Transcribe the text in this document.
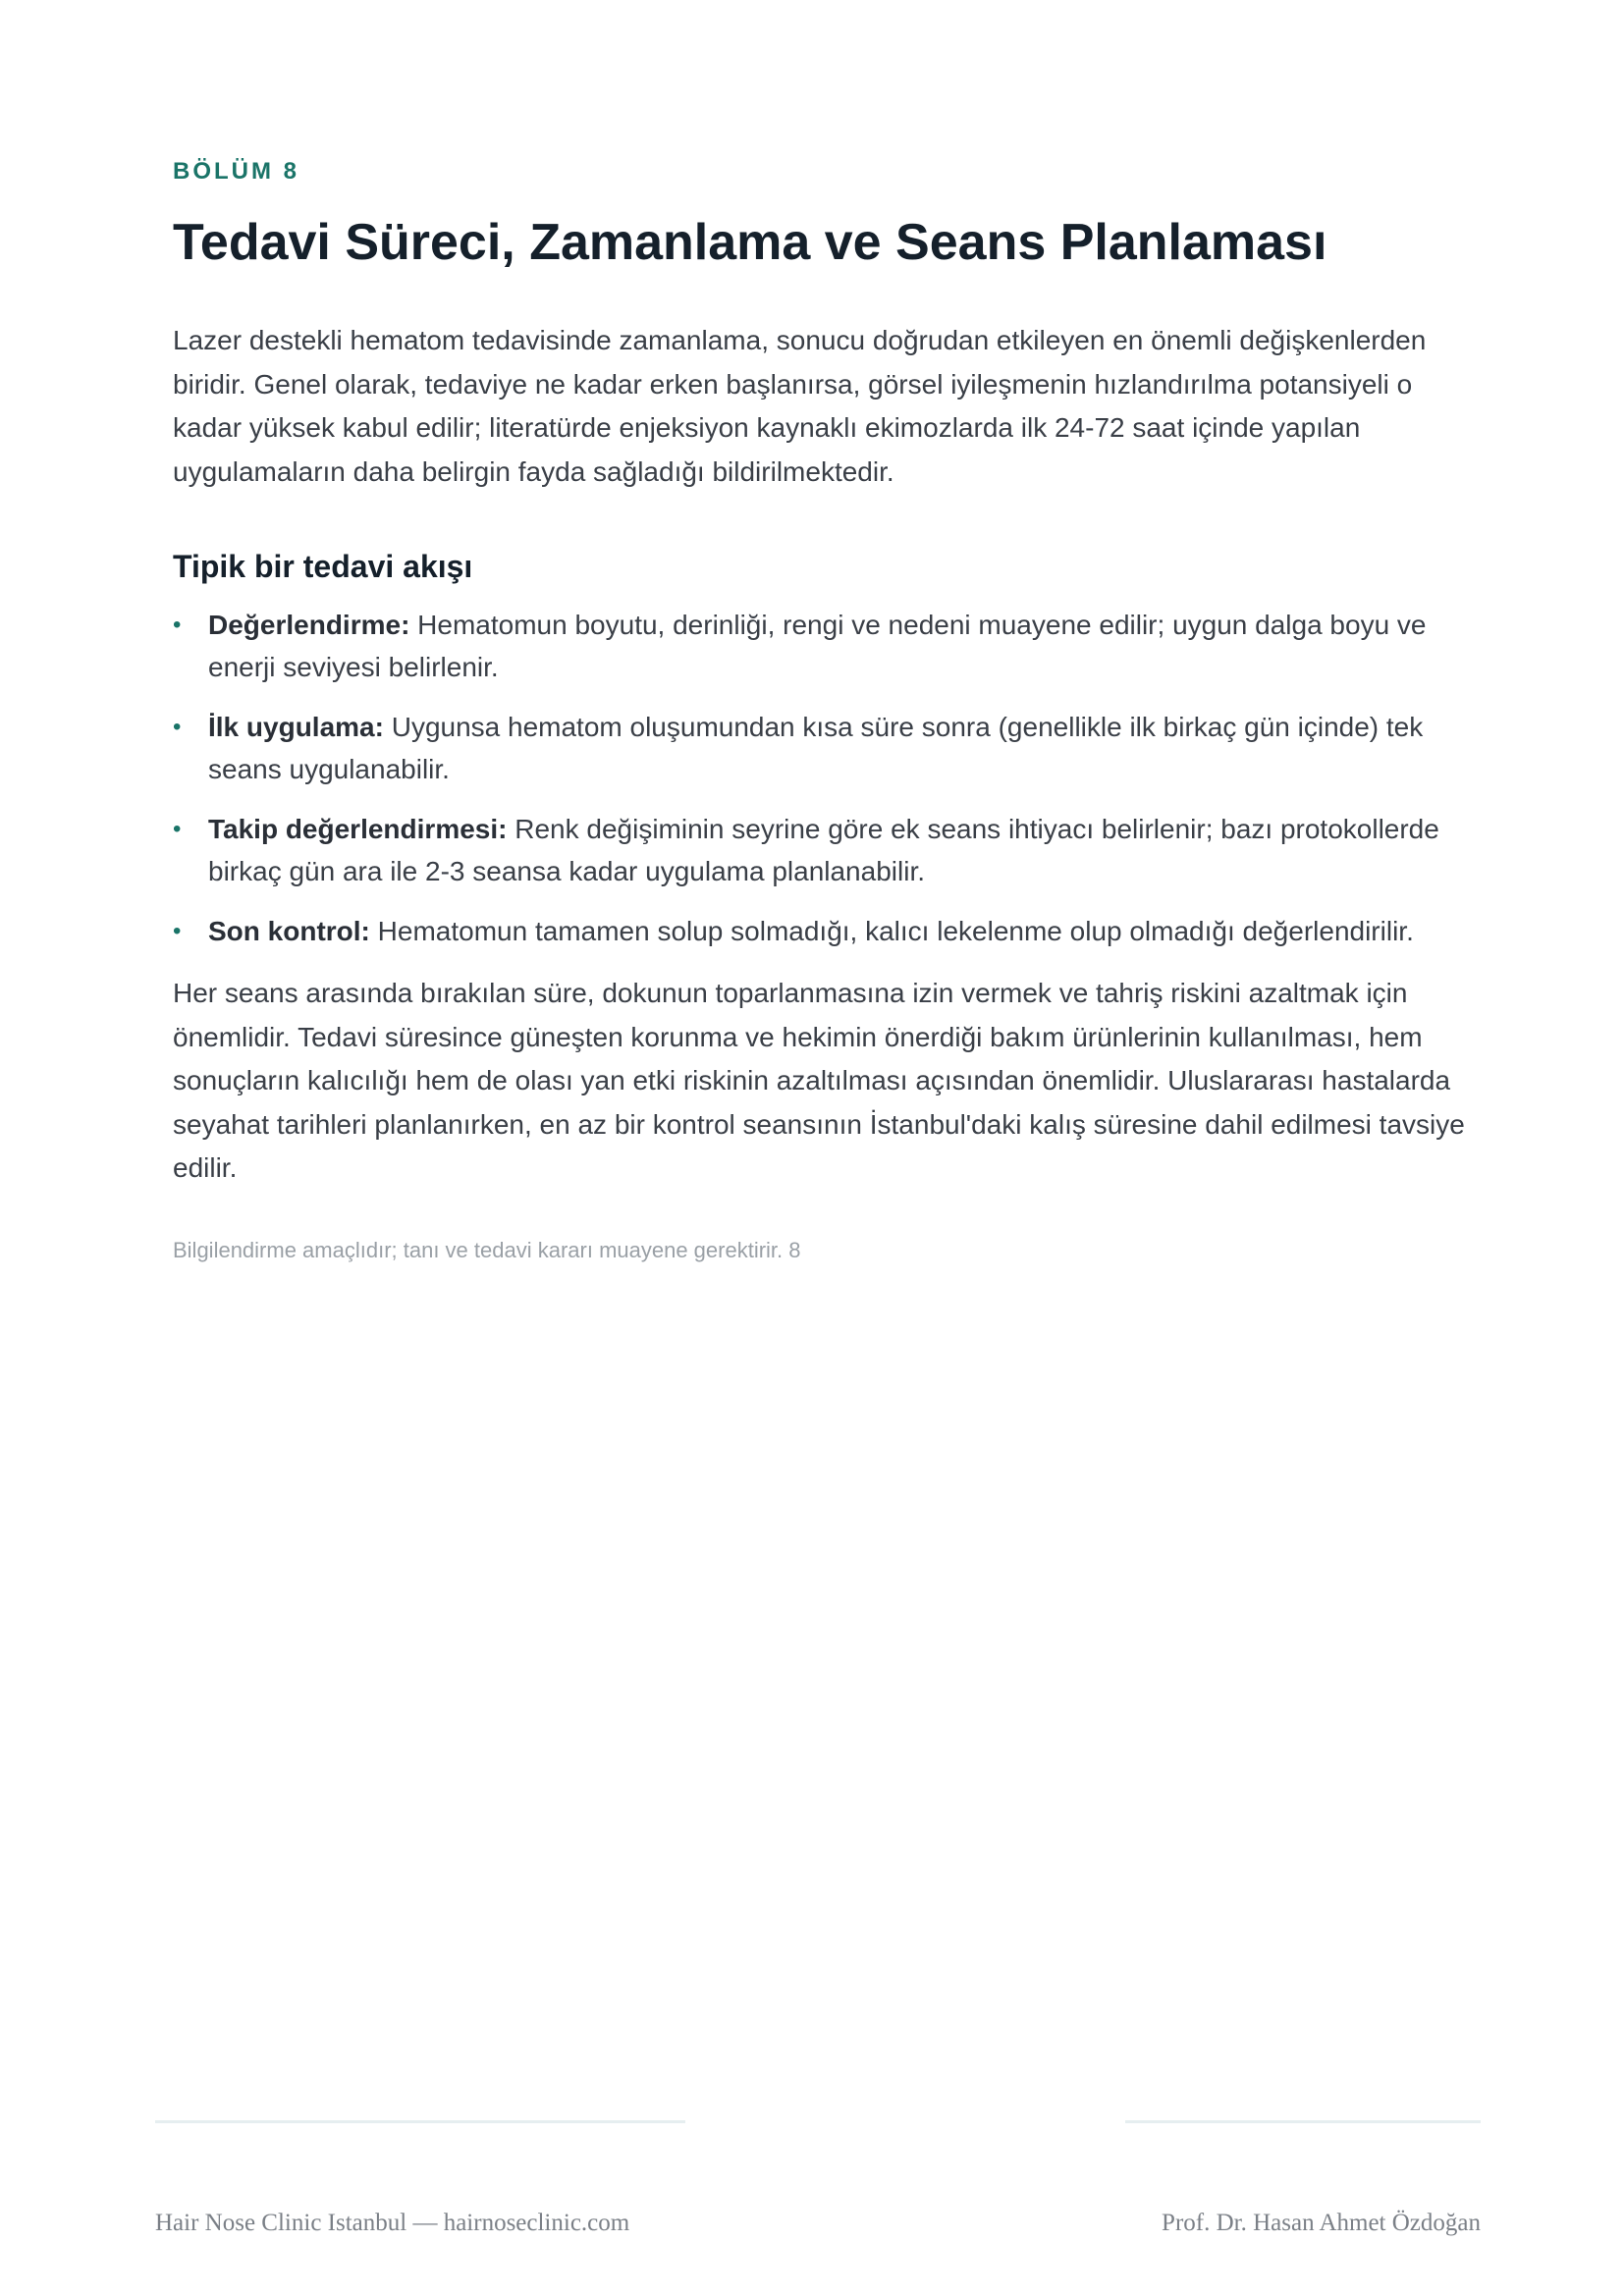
BÖLÜM 8
Tedavi Süreci, Zamanlama ve Seans Planlaması

Lazer destekli hematom tedavisinde zamanlama, sonucu doğrudan etkileyen en önemli değişkenlerden biridir. Genel olarak, tedaviye ne kadar erken başlanırsa, görsel iyileşmenin hızlandırılma potansiyeli o kadar yüksek kabul edilir; literatürde enjeksiyon kaynaklı ekimozlarda ilk 24-72 saat içinde yapılan uygulamaların daha belirgin fayda sağladığı bildirilmektedir.

Tipik bir tedavi akışı
• Değerlendirme: Hematomun boyutu, derinliği, rengi ve nedeni muayene edilir; uygun dalga boyu ve enerji seviyesi belirlenir.
• İlk uygulama: Uygunsa hematom oluşumundan kısa süre sonra (genellikle ilk birkaç gün içinde) tek seans uygulanabilir.
• Takip değerlendirmesi: Renk değişiminin seyrine göre ek seans ihtiyacı belirlenir; bazı protokollerde birkaç gün ara ile 2-3 seansa kadar uygulama planlanabilir.
• Son kontrol: Hematomun tamamen solup solmadığı, kalıcı lekelenme olup olmadığı değerlendirilir.

Her seans arasında bırakılan süre, dokunun toparlanmasına izin vermek ve tahriş riskini azaltmak için önemlidir. Tedavi süresince güneşten korunma ve hekimin önerdiği bakım ürünlerinin kullanılması, hem sonuçların kalıcılığı hem de olası yan etki riskinin azaltılması açısından önemlidir. Uluslararası hastalarda seyahat tarihleri planlanırken, en az bir kontrol seansının İstanbul'daki kalış süresine dahil edilmesi tavsiye edilir.

Bilgilendirme amaçlıdır; tanı ve tedavi kararı muayene gerektirir. 8

Hair Nose Clinic Istanbul — hairnoseclinic.com	Prof. Dr. Hasan Ahmet Özdoğan
